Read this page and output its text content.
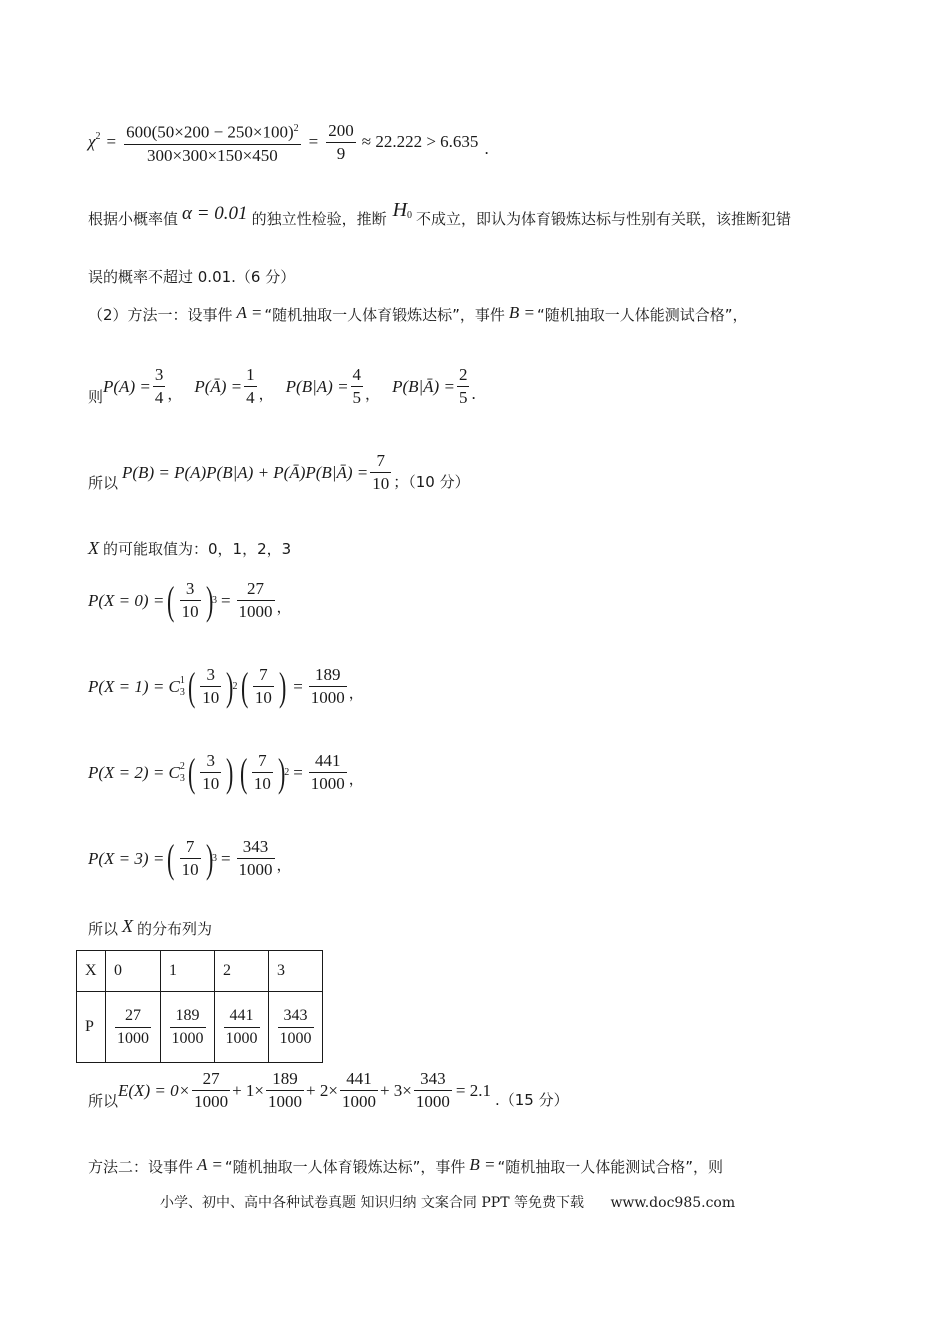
χ $2 = \frac{600(50\times 200 - 250\times 100)^2}{300\times 300\times 150\times 450} = \frac{200}{9} \approx 22.222 > 6.635$ .
根据小概率值 α = 0.01 的独立性检验，推断 H 0 不成立，即认为体育锻炼达标与性别有关联，该推断犯错
误的概率不超过 0.01.（6 分）
（2）方法一：设事件 A = “随机抽取一人体育锻炼达标”，事件 B = “随机抽取一人体能测试合格”，
则
$P(A) = \frac{3}{4}$ ， P(Ā) = $\frac{1}{4}$ ， $P(B|A) = \frac{4}{5}$ ， P(B|Ā) = $\frac{2}{5}$ .
所以
P(B) = P(A)P(B|A) + P(Ā)P(B|Ā) = $\frac{7}{10}$ ；（10 分）
X 的可能取值为：0，1，2，3
P(X = 0) = ( $\frac{3}{10}$ )
$3 = \frac{27}{1000}$ ，
P(X = 1) = C 1
3 ( $\frac{3}{10}$ )
2 ( $\frac{7}{10}$ ) = $\frac{189}{1000}$ ，
P(X = 2) = C 2
3 ( $\frac{3}{10}$ ) ( $\frac{7}{10}$ )
$2 = \frac{441}{1000}$ ，
P(X = 3) = ( $\frac{7}{10}$ )
$3 = \frac{343}{1000}$ ，
所以 X 的分布列为
X	0	1	2	3
P	$\frac{27}{1000}$	$\frac{189}{1000}$	$\frac{441}{1000}$	$\frac{343}{1000}$
所以
$E(X) = 0\times \frac{27}{1000} + 1\times \frac{189}{1000} + 2\times \frac{441}{1000} + 3\times \frac{343}{1000} = 2.1$
.（15 分）
方法二：设事件 A = “随机抽取一人体育锻炼达标”，事件 B = “随机抽取一人体能测试合格”，则
小学、初中、高中各种试卷真题 知识归纳 文案合同 PPT 等免费下载 www.doc985.com
